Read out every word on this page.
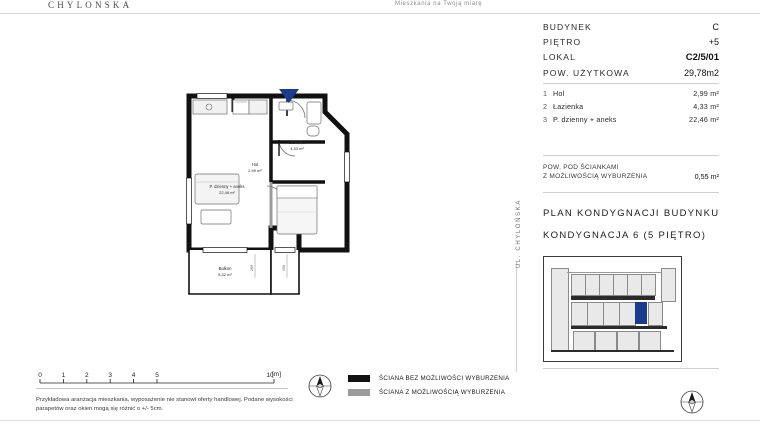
CHYLONSKA	Mieszkania na Twoją miarę
BUDYNEK	C
PIĘTRO	+5
LOKAL	C2/5/01
POW. UŻYTKOWA	29,78m2
1 Hol	2,99 m²
2 Łazienka	4,33 m²
3 P. dzienny + aneks	22,46 m²
POW. POD ŚCIANKAMI
Z MOŻLIWOŚCIĄ WYBURZENIA	0,55 m²
PLAN KONDYGNACJI BUDYNKU
KONDYGNACJA 6 (5 PIĘTRO)
UL. CHYLOŃSKA
P. dzienny + aneks
22,46 m²
Łazienka
4,33 m²
Hol
2,99 m²
Balkon
8,32 m²
260	150
0	1	2	3	4	5	10
[m]
Przykładowa aranżacja mieszkania, wyposażenie nie stanowi oferty handlowej. Podane wysokości parapetów oraz okien mogą się różnić o +/- 5cm.
ŚCIANA BEZ MOŻLIWOŚCI WYBURZENIA
ŚCIANA Z MOŻLIWOŚCIĄ WYBURZENIA
